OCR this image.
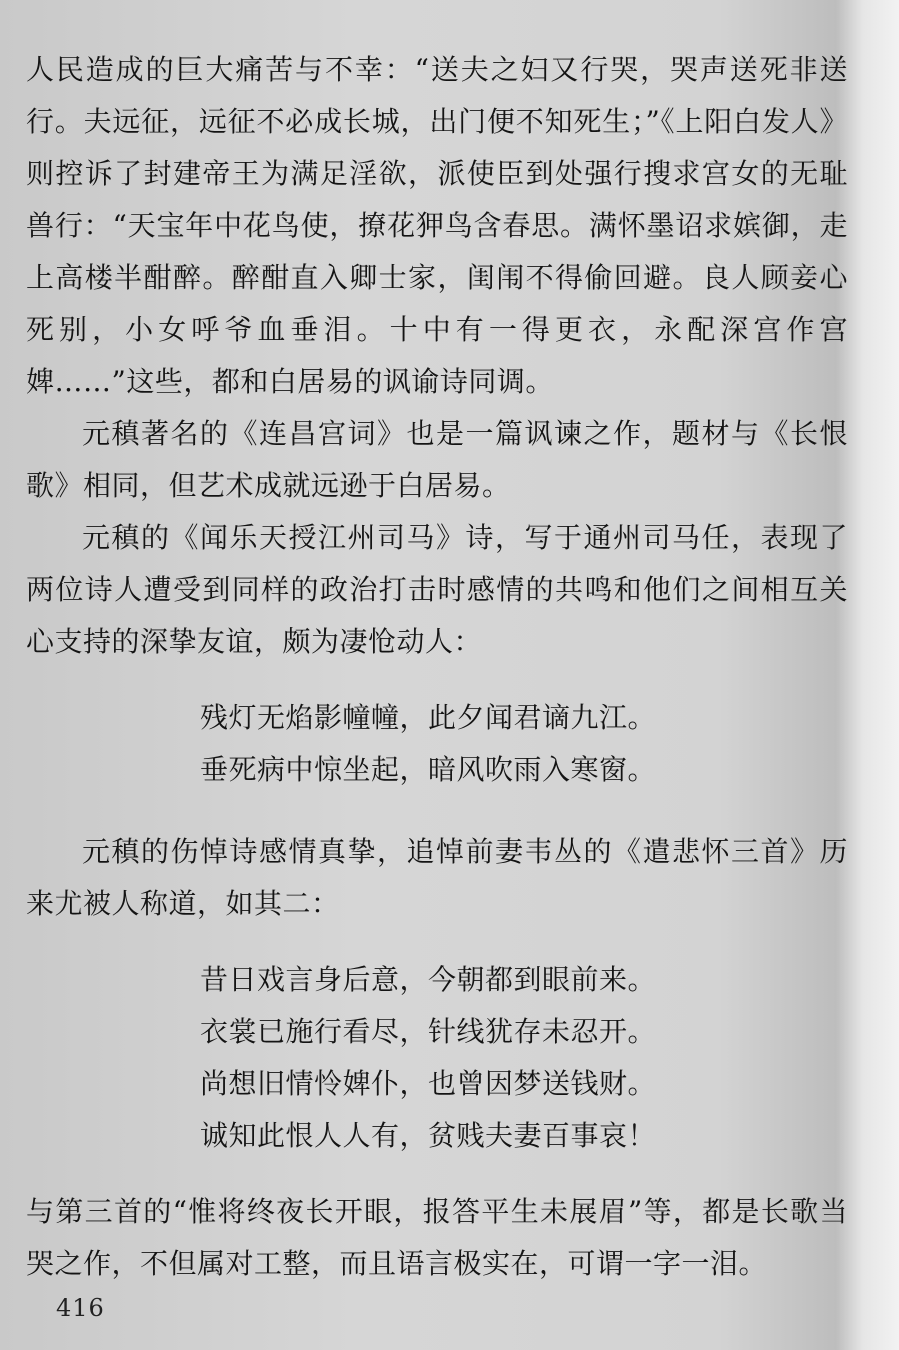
人民造成的巨大痛苦与不幸：“送夫之妇又行哭，哭声送死非送行。夫远征，远征不必成长城，出门便不知死生；”《上阳白发人》则控诉了封建帝王为满足淫欲，派使臣到处强行搜求宫女的无耻兽行：“天宝年中花鸟使，撩花狎鸟含春思。满怀墨诏求嫔御，走上高楼半酣醉。醉酣直入卿士家，闺闱不得偷回避。良人顾妾心死别，小女呼爷血垂泪。十中有一得更衣，永配深宫作宫婢……”这些，都和白居易的讽谕诗同调。

元稹著名的《连昌宫词》也是一篇讽谏之作，题材与《长恨歌》相同，但艺术成就远逊于白居易。

元稹的《闻乐天授江州司马》诗，写于通州司马任，表现了两位诗人遭受到同样的政治打击时感情的共鸣和他们之间相互关心支持的深挚友谊，颇为凄怆动人：

残灯无焰影幢幢，此夕闻君谪九江。
垂死病中惊坐起，暗风吹雨入寒窗。

元稹的伤悼诗感情真挚，追悼前妻韦丛的《遣悲怀三首》历来尤被人称道，如其二：

昔日戏言身后意，今朝都到眼前来。
衣裳已施行看尽，针线犹存未忍开。
尚想旧情怜婢仆，也曾因梦送钱财。
诚知此恨人人有，贫贱夫妻百事哀！

与第三首的“惟将终夜长开眼，报答平生未展眉”等，都是长歌当哭之作，不但属对工整，而且语言极实在，可谓一字一泪。

416
